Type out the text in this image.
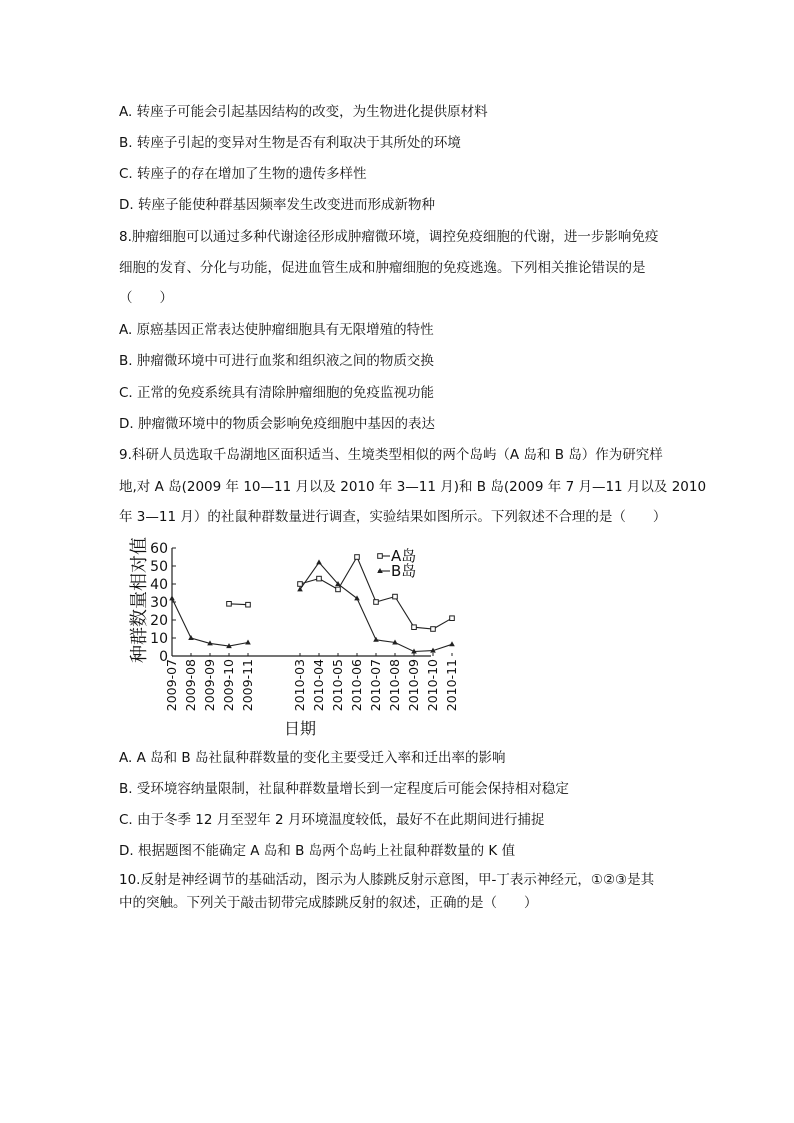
A. 转座子可能会引起基因结构的改变，为生物进化提供原材料
B. 转座子引起的变异对生物是否有利取决于其所处的环境
C. 转座子的存在增加了生物的遗传多样性
D. 转座子能使种群基因频率发生改变进而形成新物种
8.肿瘤细胞可以通过多种代谢途径形成肿瘤微环境，调控免疫细胞的代谢，进一步影响免疫
细胞的发育、分化与功能，促进血管生成和肿瘤细胞的免疫逃逸。下列相关推论错误的是
（　　）
A. 原癌基因正常表达使肿瘤细胞具有无限增殖的特性
B. 肿瘤微环境中可进行血浆和组织液之间的物质交换
C. 正常的免疫系统具有清除肿瘤细胞的免疫监视功能
D. 肿瘤微环境中的物质会影响免疫细胞中基因的表达
9.科研人员选取千岛湖地区面积适当、生境类型相似的两个岛屿（A 岛和 B 岛）作为研究样
地,对 A 岛(2009 年 10—11 月以及 2010 年 3—11 月)和 B 岛(2009 年 7 月—11 月以及 2010
年 3—11 月）的社鼠种群数量进行调查，实验结果如图所示。下列叙述不合理的是（　　）
0
10
20
30
40
50
60
2009-07 2009-08 2009-09 2009-10 2009-11	2010-03 2010-04 2010-05 2010-06 2010-07 2010-08 2010-09 2010-10 2010-11
A岛
B岛
种群数量相对值
日期
A. A 岛和 B 岛社鼠种群数量的变化主要受迁入率和迁出率的影响
B. 受环境容纳量限制，社鼠种群数量增长到一定程度后可能会保持相对稳定
C. 由于冬季 12 月至翌年 2 月环境温度较低，最好不在此期间进行捕捉
D. 根据题图不能确定 A 岛和 B 岛两个岛屿上社鼠种群数量的 K 值
10.反射是神经调节的基础活动，图示为人膝跳反射示意图，甲-丁表示神经元，①②③是其
中的突触。下列关于敲击韧带完成膝跳反射的叙述，正确的是（　　）
